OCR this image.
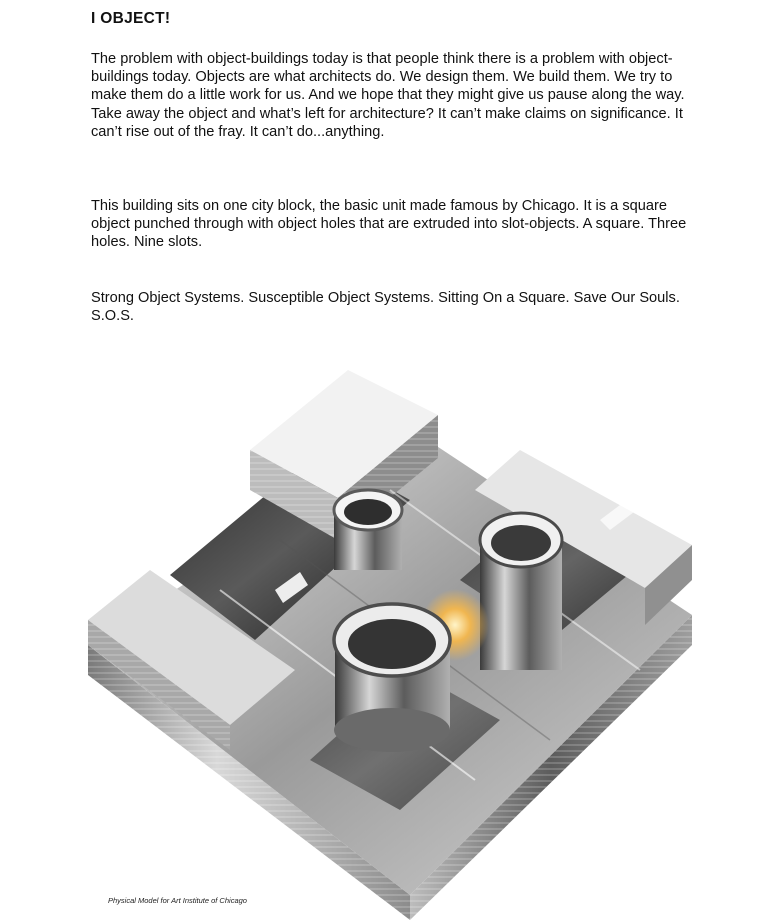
I OBJECT!

The problem with object-buildings today is that people think there is a problem with object-buildings today. Objects are what architects do. We design them. We build them. We try to make them do a little work for us. And we hope that they might give us pause along the way. Take away the object and what’s left for architecture? It can’t make claims on significance. It can’t rise out of the fray. It can’t do...anything.

This building sits on one city block, the basic unit made famous by Chicago. It is a square object punched through with object holes that are extruded into slot-objects. A square. Three holes. Nine slots.

Strong Object Systems. Susceptible Object Systems. Sitting On a Square. Save Our Souls. S.O.S.

Physical Model for Art Institute of Chicago
